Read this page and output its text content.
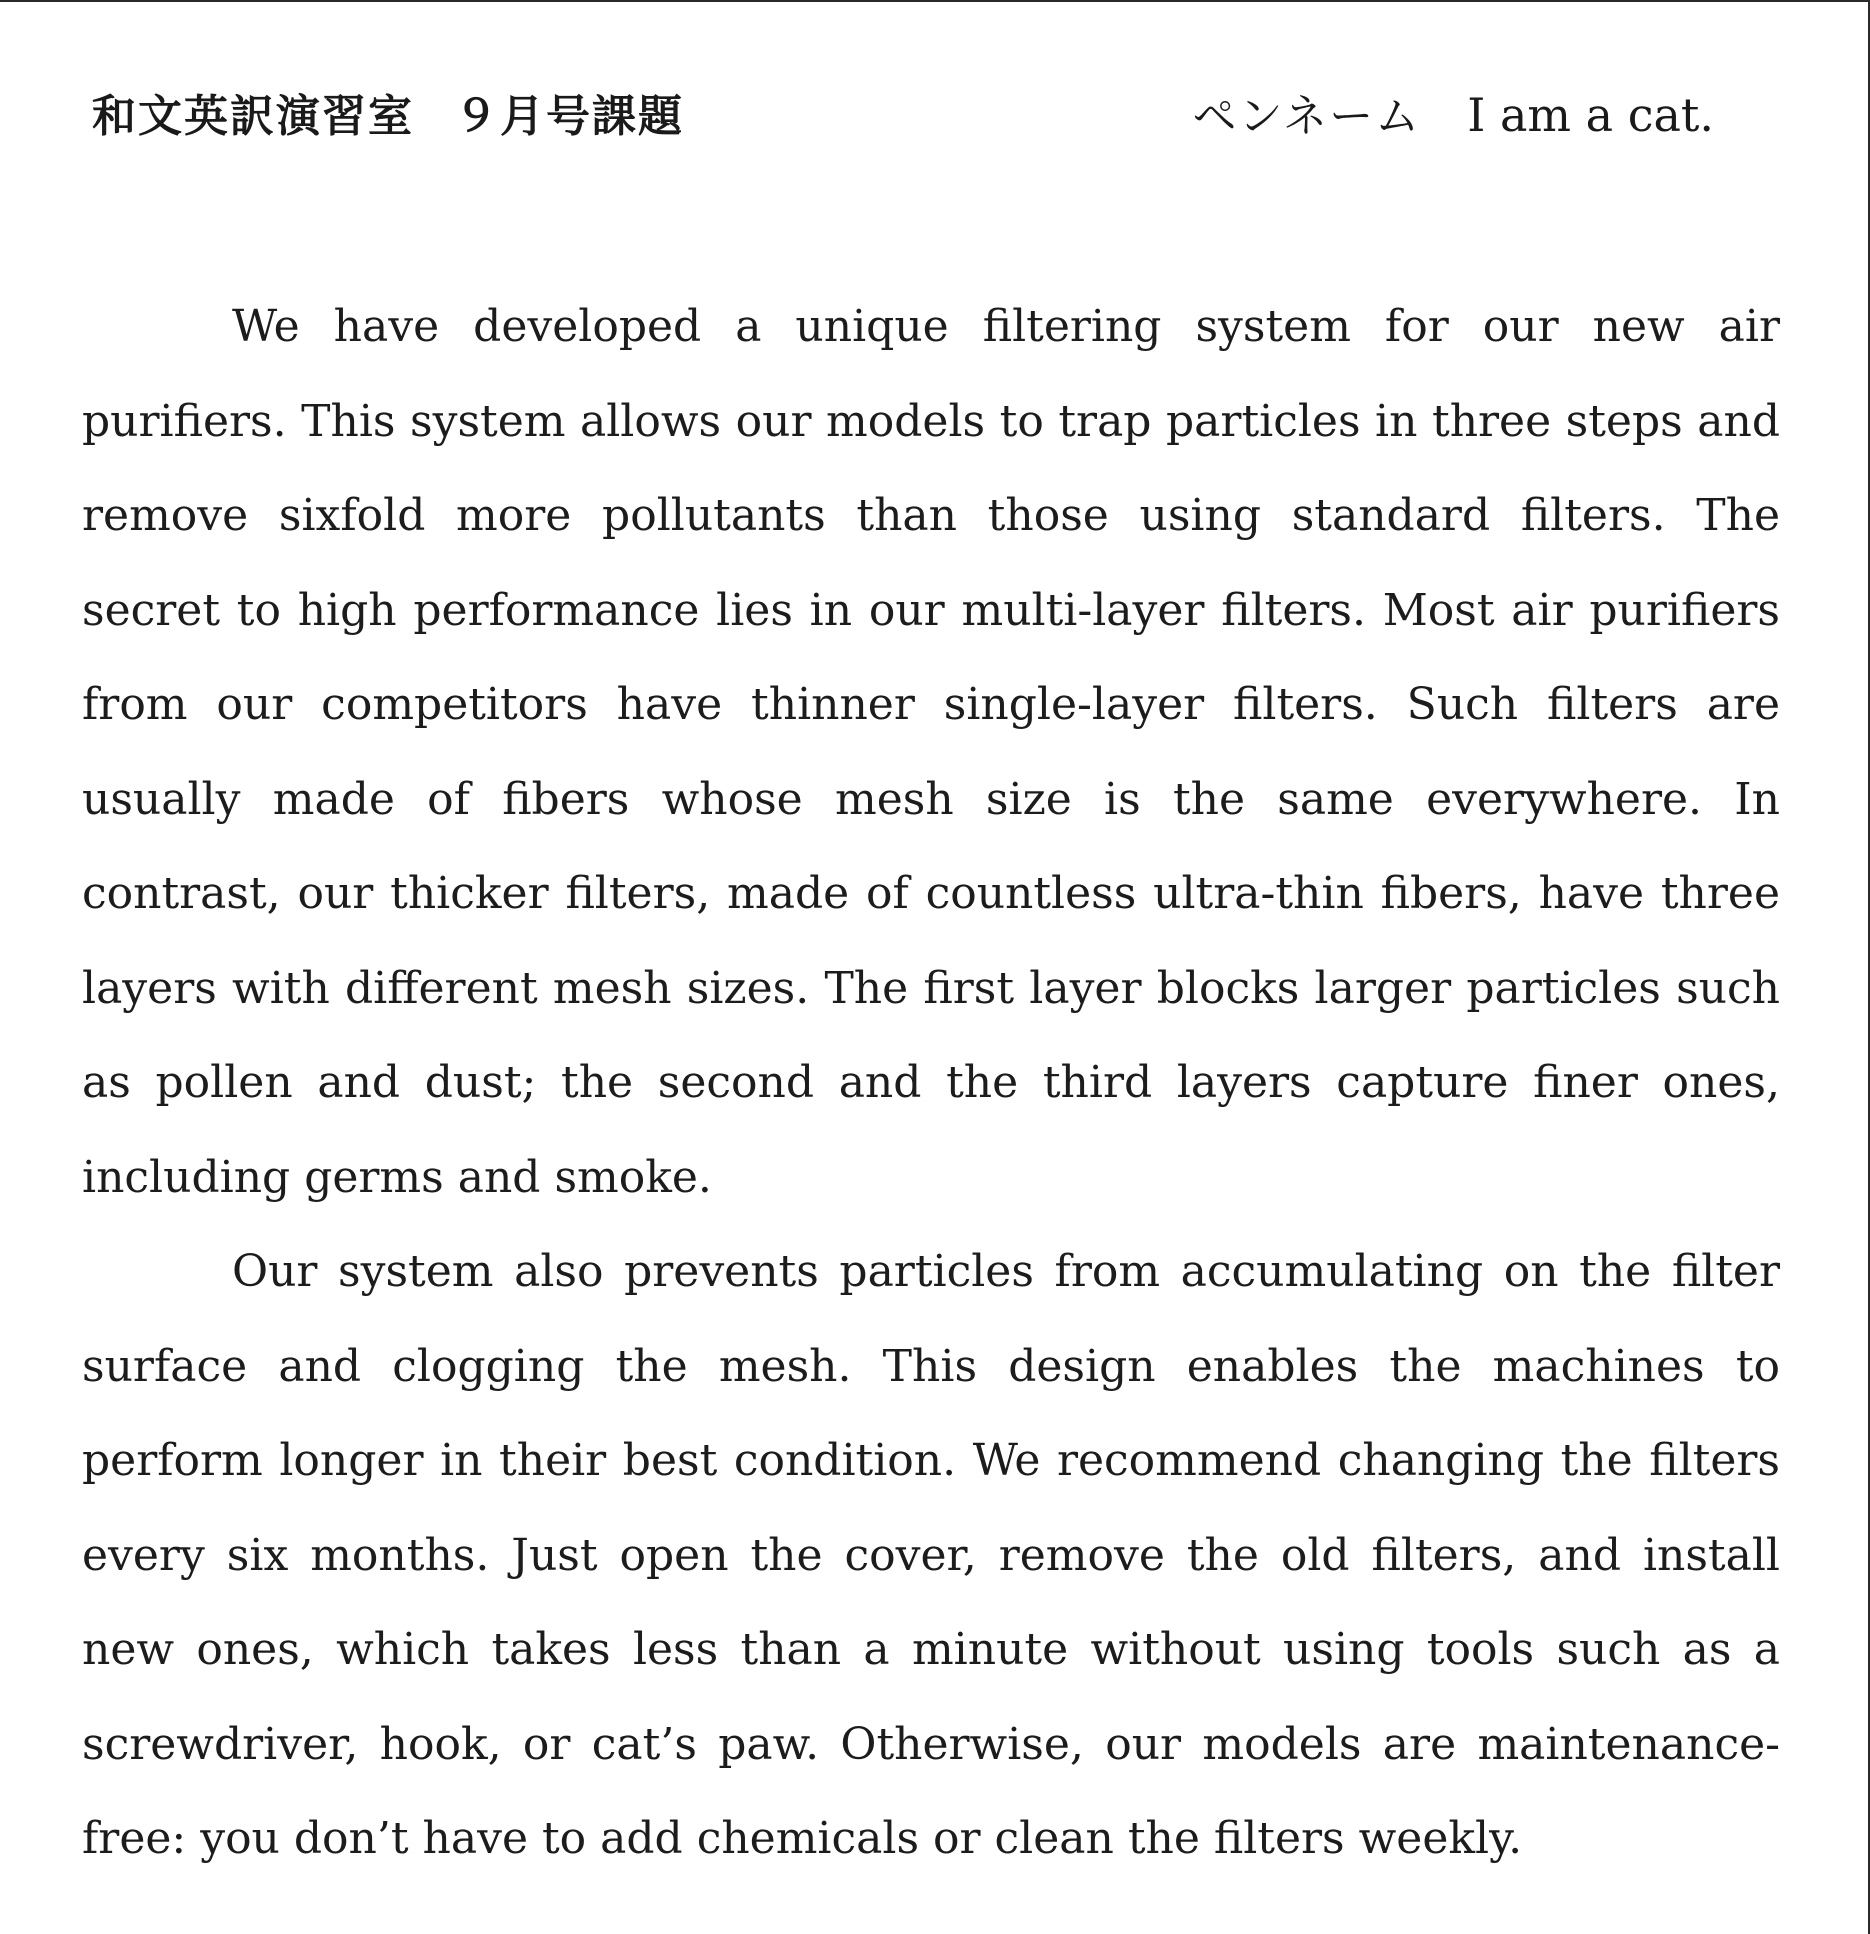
和文英訳演習室 ９月号課題	ペンネーム I am a cat.

We have developed a unique filtering system for our new air purifiers. This system allows our models to trap particles in three steps and remove sixfold more pollutants than those using standard filters. The secret to high performance lies in our multi-layer filters. Most air purifiers from our competitors have thinner single-layer filters. Such filters are usually made of fibers whose mesh size is the same everywhere. In contrast, our thicker filters, made of countless ultra-thin fibers, have three layers with different mesh sizes. The first layer blocks larger particles such as pollen and dust; the second and the third layers capture finer ones, including germs and smoke.

Our system also prevents particles from accumulating on the filter surface and clogging the mesh. This design enables the machines to perform longer in their best condition. We recommend changing the filters every six months. Just open the cover, remove the old filters, and install new ones, which takes less than a minute without using tools such as a screwdriver, hook, or cat’s paw. Otherwise, our models are maintenance-free: you don’t have to add chemicals or clean the filters weekly.
